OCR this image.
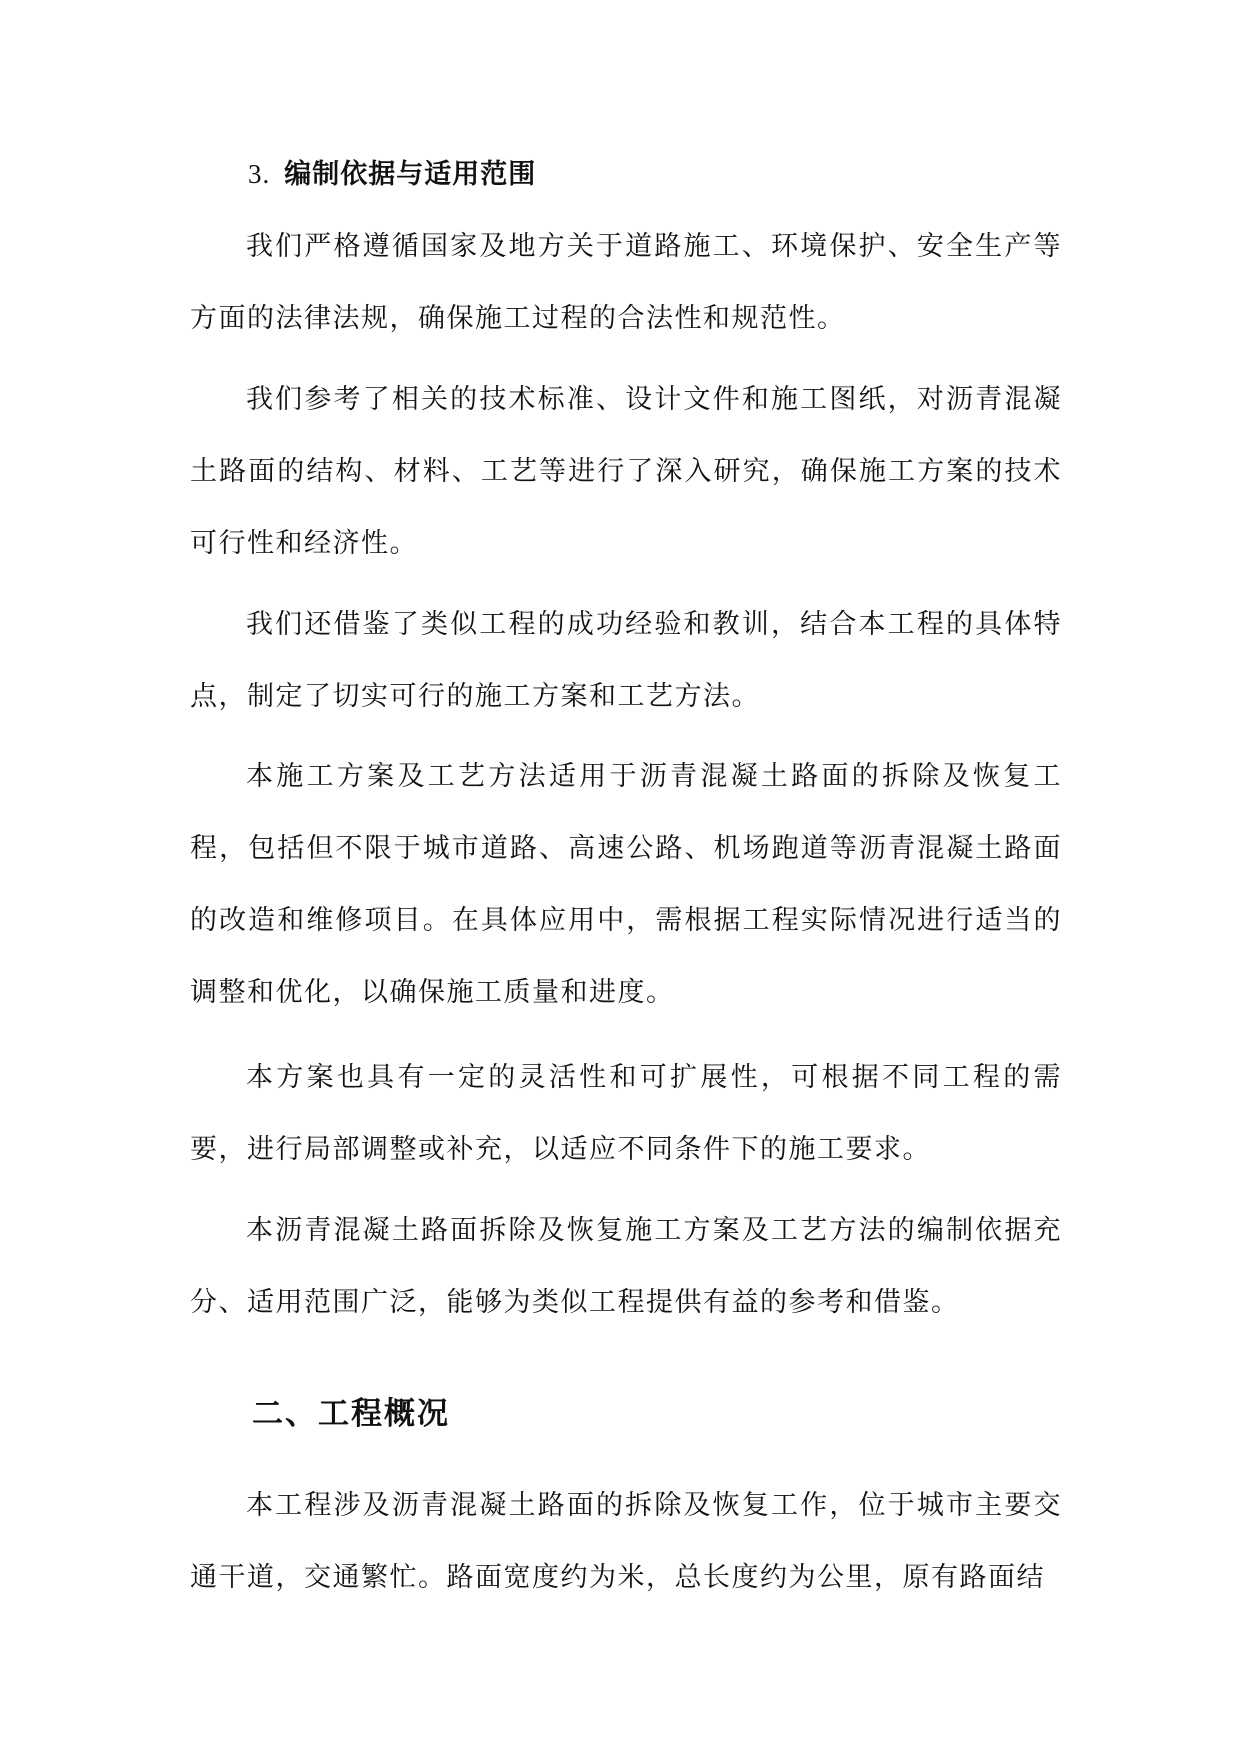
3. 编制依据与适用范围

我们严格遵循国家及地方关于道路施工、环境保护、安全生产等方面的法律法规，确保施工过程的合法性和规范性。

我们参考了相关的技术标准、设计文件和施工图纸，对沥青混凝土路面的结构、材料、工艺等进行了深入研究，确保施工方案的技术可行性和经济性。

我们还借鉴了类似工程的成功经验和教训，结合本工程的具体特点，制定了切实可行的施工方案和工艺方法。

本施工方案及工艺方法适用于沥青混凝土路面的拆除及恢复工程，包括但不限于城市道路、高速公路、机场跑道等沥青混凝土路面的改造和维修项目。在具体应用中，需根据工程实际情况进行适当的调整和优化，以确保施工质量和进度。

本方案也具有一定的灵活性和可扩展性，可根据不同工程的需要，进行局部调整或补充，以适应不同条件下的施工要求。

本沥青混凝土路面拆除及恢复施工方案及工艺方法的编制依据充分、适用范围广泛，能够为类似工程提供有益的参考和借鉴。

二、工程概况

本工程涉及沥青混凝土路面的拆除及恢复工作，位于城市主要交通干道，交通繁忙。路面宽度约为米，总长度约为公里，原有路面结
